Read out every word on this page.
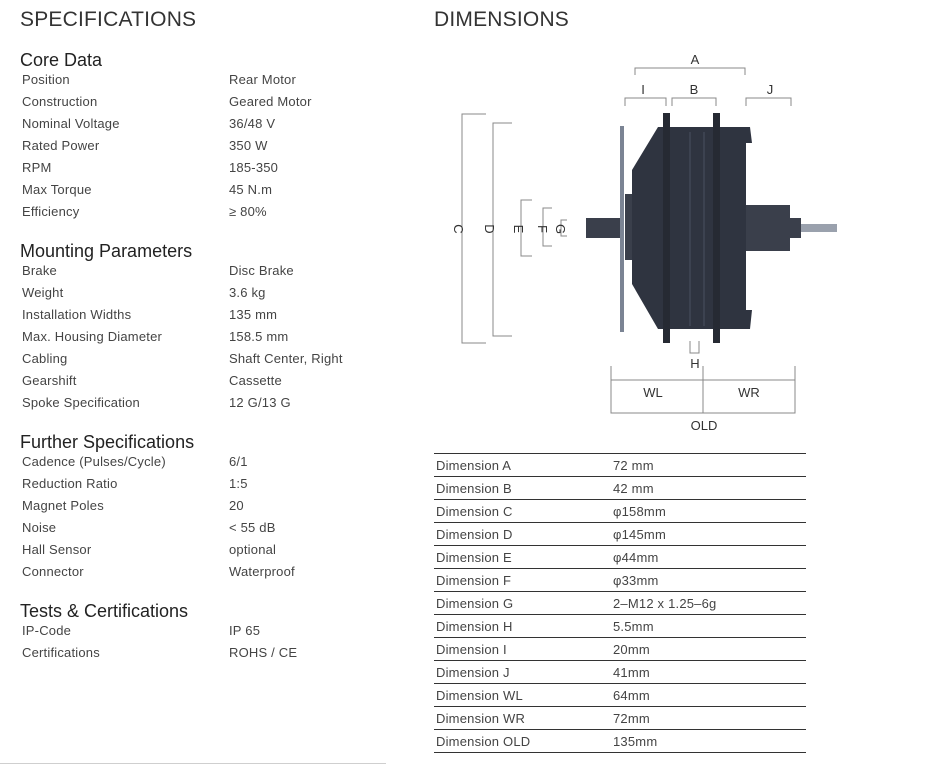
SPECIFICATIONS
Core Data
Position	Rear Motor
Construction	Geared Motor
Nominal Voltage	36/48 V
Rated Power	350 W
RPM	185-350
Max Torque	45 N.m
Efficiency	≥ 80%
Mounting Parameters
Brake	Disc Brake
Weight	3.6 kg
Installation Widths	135 mm
Max. Housing Diameter	158.5 mm
Cabling	Shaft Center, Right
Gearshift	Cassette
Spoke Specification	12 G/13 G
Further Specifications
Cadence (Pulses/Cycle)	6/1
Reduction Ratio	1:5
Magnet Poles	20
Noise	< 55 dB
Hall Sensor	optional
Connector	Waterproof
Tests & Certifications
IP-Code	IP 65
Certifications	ROHS / CE
DIMENSIONS
A
I	B	J
C D E F G
H
WL	WR
OLD
Dimension A	72 mm
Dimension B	42 mm
Dimension C	φ158mm
Dimension D	φ145mm
Dimension E	φ44mm
Dimension F	φ33mm
Dimension G	2–M12 x 1.25–6g
Dimension H	5.5mm
Dimension I	20mm
Dimension J	41mm
Dimension WL	64mm
Dimension WR	72mm
Dimension OLD	135mm
